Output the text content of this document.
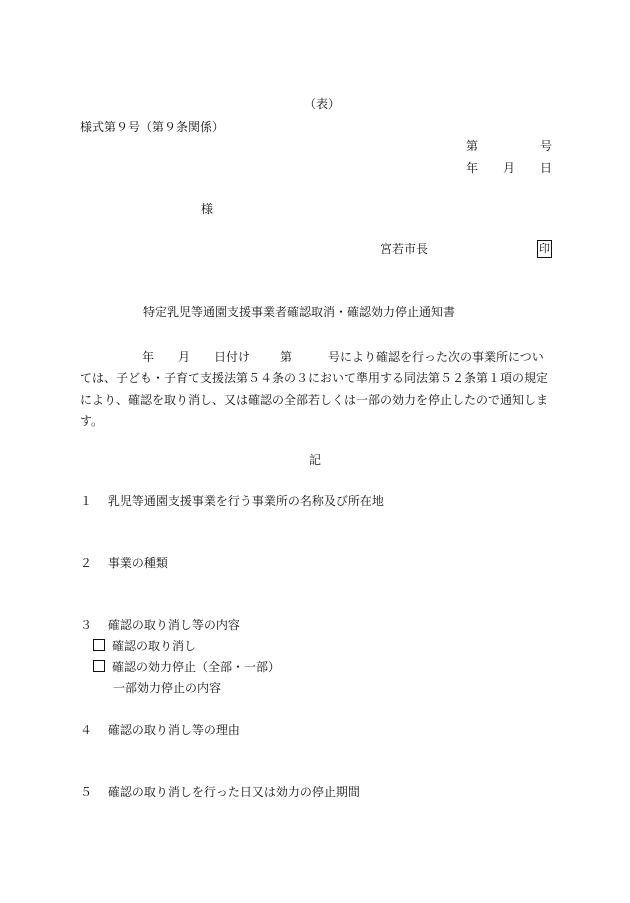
（表）
様式第９号（第９条関係）
第	号
年 月 日
様
宮若市長	印
特定乳児等通園支援事業者確認取消・確認効力停止通知書
年 月 日付け 第	号により確認を行った次の事業所につい
ては、子ども・子育て支援法第５４条の３において準用する同法第５２条第１項の規定
により、確認を取り消し、又は確認の全部若しくは一部の効力を停止したので通知しま
す。
記
１ 乳児等通園支援事業を行う事業所の名称及び所在地
２ 事業の種類
３ 確認の取り消し等の内容
確認の取り消し
確認の効力停止（全部・一部）
一部効力停止の内容
４ 確認の取り消し等の理由
５ 確認の取り消しを行った日又は効力の停止期間
